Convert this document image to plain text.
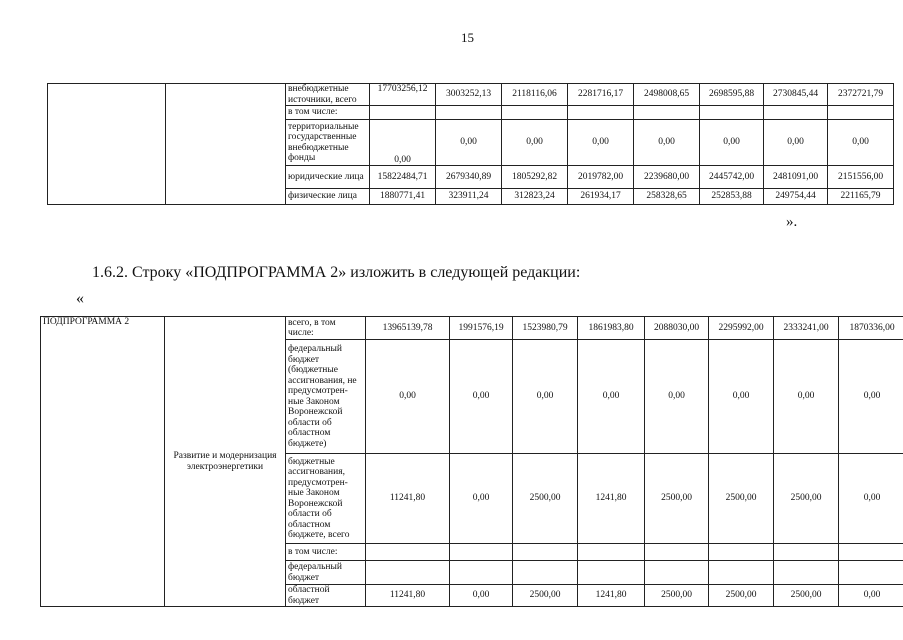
15
		внебюджетные источники, всего	17703256,12	3003252,13	2118116,06	2281716,17	2498008,65	2698595,88	2730845,44	2372721,79
		в том числе:								
		территориальные государственные внебюджетные фонды	0,00	0,00	0,00	0,00	0,00	0,00	0,00	0,00
		юридические лица	15822484,71	2679340,89	1805292,82	2019782,00	2239680,00	2445742,00	2481091,00	2151556,00
		физические лица	1880771,41	323911,24	312823,24	261934,17	258328,65	252853,88	249754,44	221165,79
».
1.6.2. Строку «ПОДПРОГРАММА 2» изложить в следующей редакции:
«
ПОДПРОГРАММА 2	Развитие и модернизация электроэнергетики	всего, в том числе:	13965139,78	1991576,19	1523980,79	1861983,80	2088030,00	2295992,00	2333241,00	1870336,00
		федеральный бюджет (бюджетные ассигнования, не предусмотрен-ные Законом Воронежской области об областном бюджете)	0,00	0,00	0,00	0,00	0,00	0,00	0,00	0,00
		бюджетные ассигнования, предусмотрен-ные Законом Воронежской области об областном бюджете, всего	11241,80	0,00	2500,00	1241,80	2500,00	2500,00	2500,00	0,00
		в том числе:								
		федеральный бюджет								
		областной бюджет	11241,80	0,00	2500,00	1241,80	2500,00	2500,00	2500,00	0,00
